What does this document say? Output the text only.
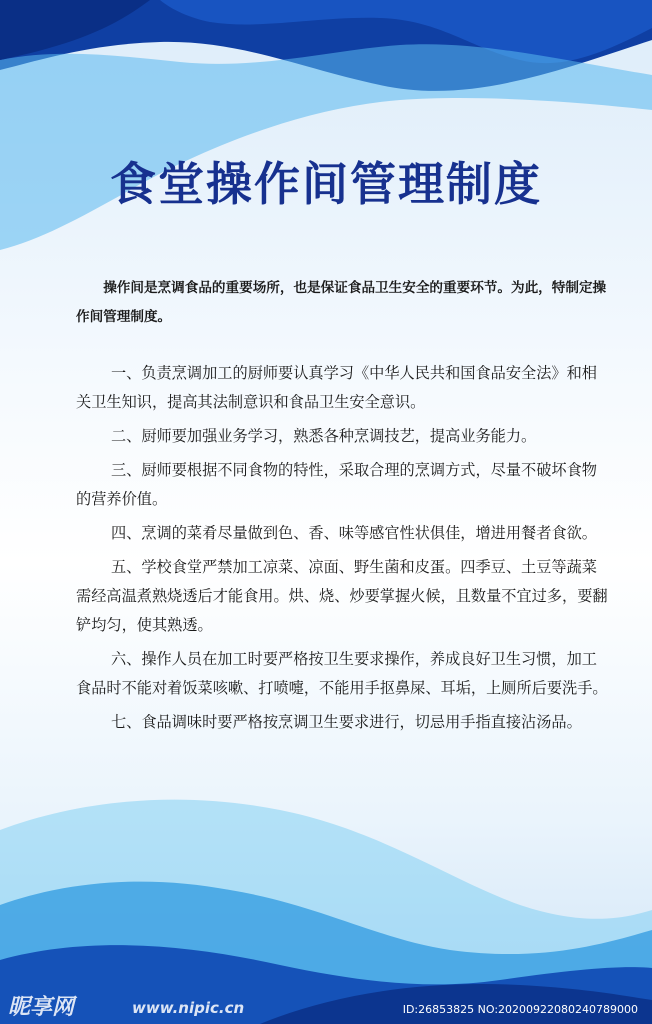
食堂操作间管理制度

操作间是烹调食品的重要场所，也是保证食品卫生安全的重要环节。为此，特制定操作间管理制度。

一、负责烹调加工的厨师要认真学习《中华人民共和国食品安全法》和相关卫生知识，提高其法制意识和食品卫生安全意识。

二、厨师要加强业务学习，熟悉各种烹调技艺，提高业务能力。

三、厨师要根据不同食物的特性，采取合理的烹调方式，尽量不破坏食物的营养价值。

四、烹调的菜肴尽量做到色、香、味等感官性状俱佳，增进用餐者食欲。

五、学校食堂严禁加工凉菜、凉面、野生菌和皮蛋。四季豆、土豆等蔬菜需经高温煮熟烧透后才能食用。烘、烧、炒要掌握火候，且数量不宜过多，要翻铲均匀，使其熟透。

六、操作人员在加工时要严格按卫生要求操作，养成良好卫生习惯，加工食品时不能对着饭菜咳嗽、打喷嚏，不能用手抠鼻屎、耳垢，上厕所后要洗手。

七、食品调味时要严格按烹调卫生要求进行，切忌用手指直接沾汤品。

昵享网	www.nipic.cn	ID:26853825 NO:20200922080240789000
